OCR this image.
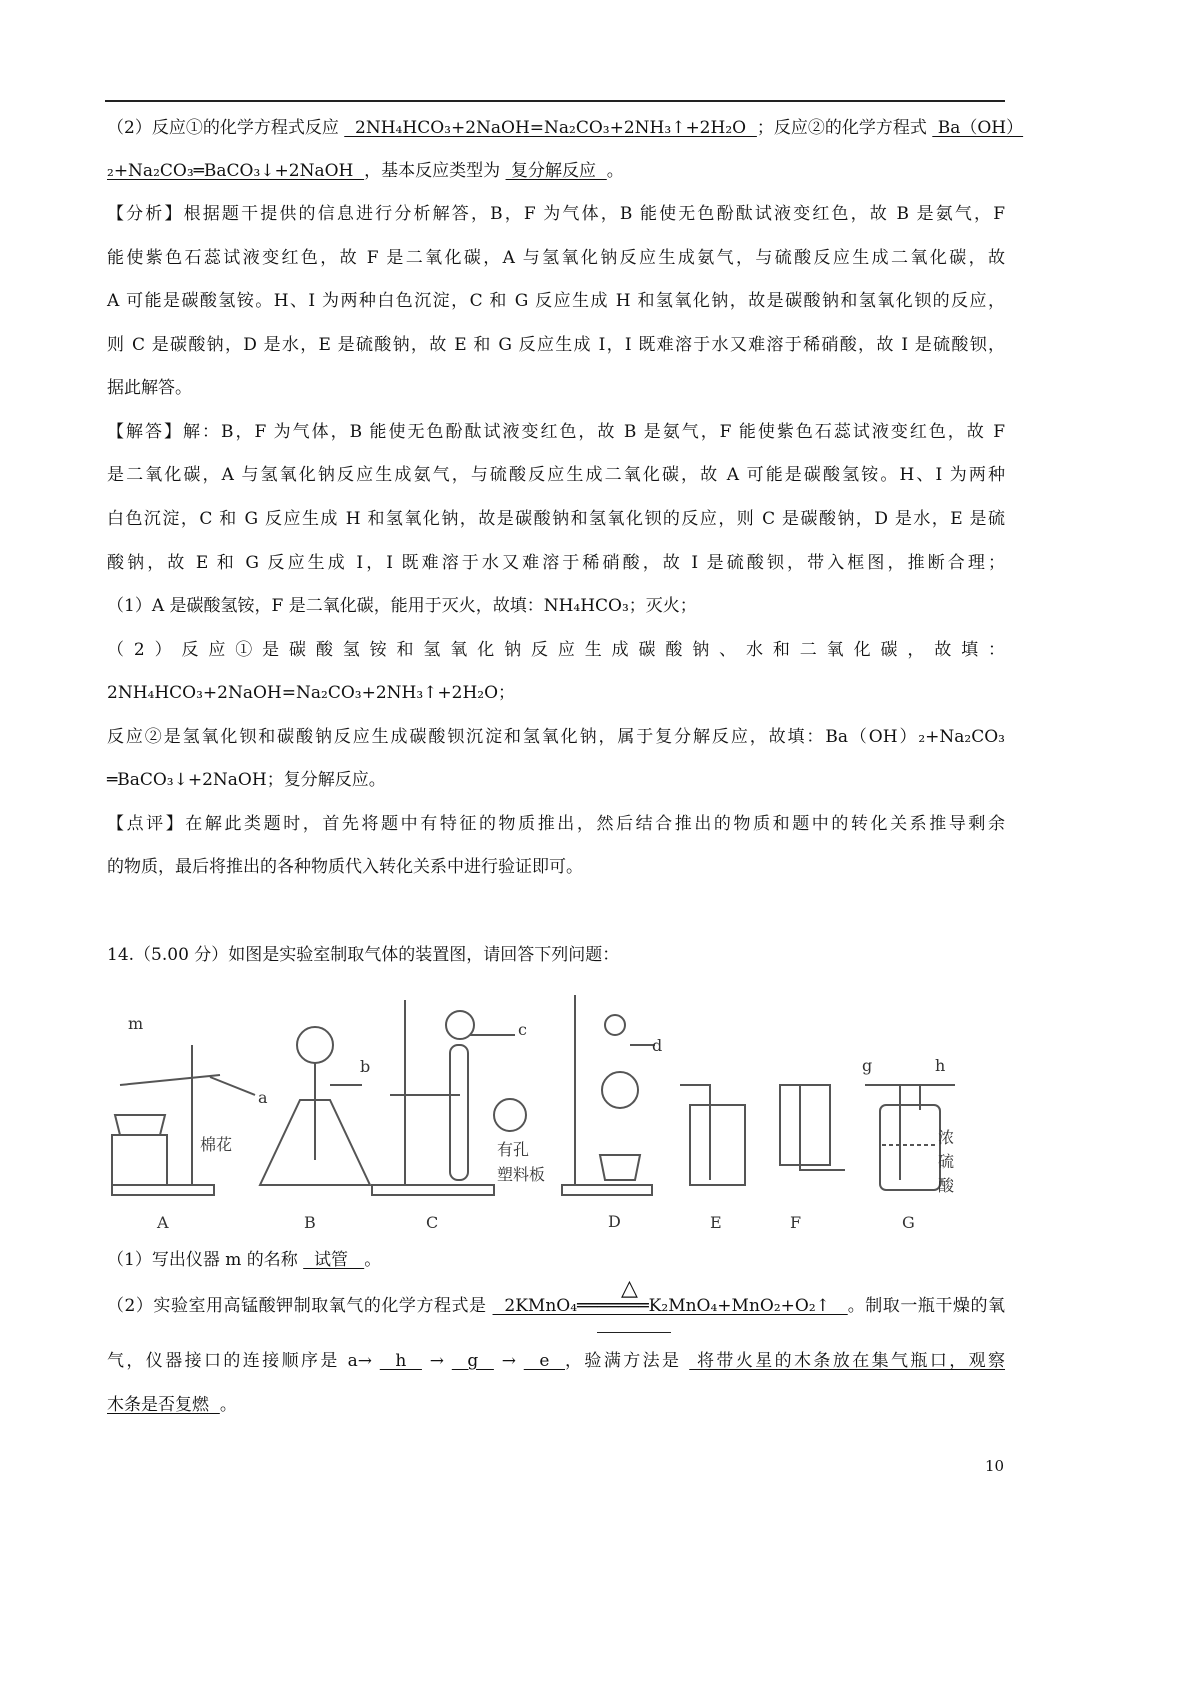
（2）反应①的化学方程式反应   2NH₄HCO₃+2NaOH=Na₂CO₃+2NH₃↑+2H₂O  ；反应②的化学方程式  Ba（OH）
₂+Na₂CO₃═BaCO₃↓+2NaOH  ，基本反应类型为  复分解反应  。
【分析】根据题干提供的信息进行分析解答，B，F 为气体，B 能使无色酚酞试液变红色，故 B 是氨气，F
能使紫色石蕊试液变红色，故 F 是二氧化碳，A 与氢氧化钠反应生成氨气，与硫酸反应生成二氧化碳，故
A 可能是碳酸氢铵。H、I 为两种白色沉淀，C 和 G 反应生成 H 和氢氧化钠，故是碳酸钠和氢氧化钡的反应，
则 C 是碳酸钠，D 是水，E 是硫酸钠，故 E 和 G 反应生成 I，I 既难溶于水又难溶于稀硝酸，故 I 是硫酸钡，
据此解答。
【解答】解：B，F 为气体，B 能使无色酚酞试液变红色，故 B 是氨气，F 能使紫色石蕊试液变红色，故 F
是二氧化碳，A 与氢氧化钠反应生成氨气，与硫酸反应生成二氧化碳，故 A 可能是碳酸氢铵。H、I 为两种
白色沉淀，C 和 G 反应生成 H 和氢氧化钠，故是碳酸钠和氢氧化钡的反应，则 C 是碳酸钠，D 是水，E 是硫
酸钠，故 E 和 G 反应生成 I，I 既难溶于水又难溶于稀硝酸，故 I 是硫酸钡，带入框图，推断合理；
（1）A 是碳酸氢铵，F 是二氧化碳，能用于灭火，故填：NH₄HCO₃；灭火；
（2）反应①是碳酸氢铵和氢氧化钠反应生成碳酸钠、水和二氧化碳，故填：
2NH₄HCO₃+2NaOH=Na₂CO₃+2NH₃↑+2H₂O；
反应②是氢氧化钡和碳酸钠反应生成碳酸钡沉淀和氢氧化钠，属于复分解反应，故填：Ba（OH）₂+Na₂CO₃
═BaCO₃↓+2NaOH；复分解反应。
【点评】在解此类题时，首先将题中有特征的物质推出，然后结合推出的物质和题中的转化关系推导剩余
的物质，最后将推出的各种物质代入转化关系中进行验证即可。
14.（5.00 分）如图是实验室制取气体的装置图，请回答下列问题：
（1）写出仪器 m 的名称   试管   。
（2）实验室用高锰酸钾制取氧气的化学方程式是   2KMnO₄═══════K₂MnO₄+MnO₂+O₂↑   。制取一瓶干燥的氧
气，仪器接口的连接顺序是 a→   h   →   g   →   e  ，验满方法是  将带火星的木条放在集气瓶口，观察
木条是否复燃  。
△
m
a
棉花
b
c
有孔
塑料板
d
g	h
浓
硫
酸
A	B	C	D	E	F	G
10
